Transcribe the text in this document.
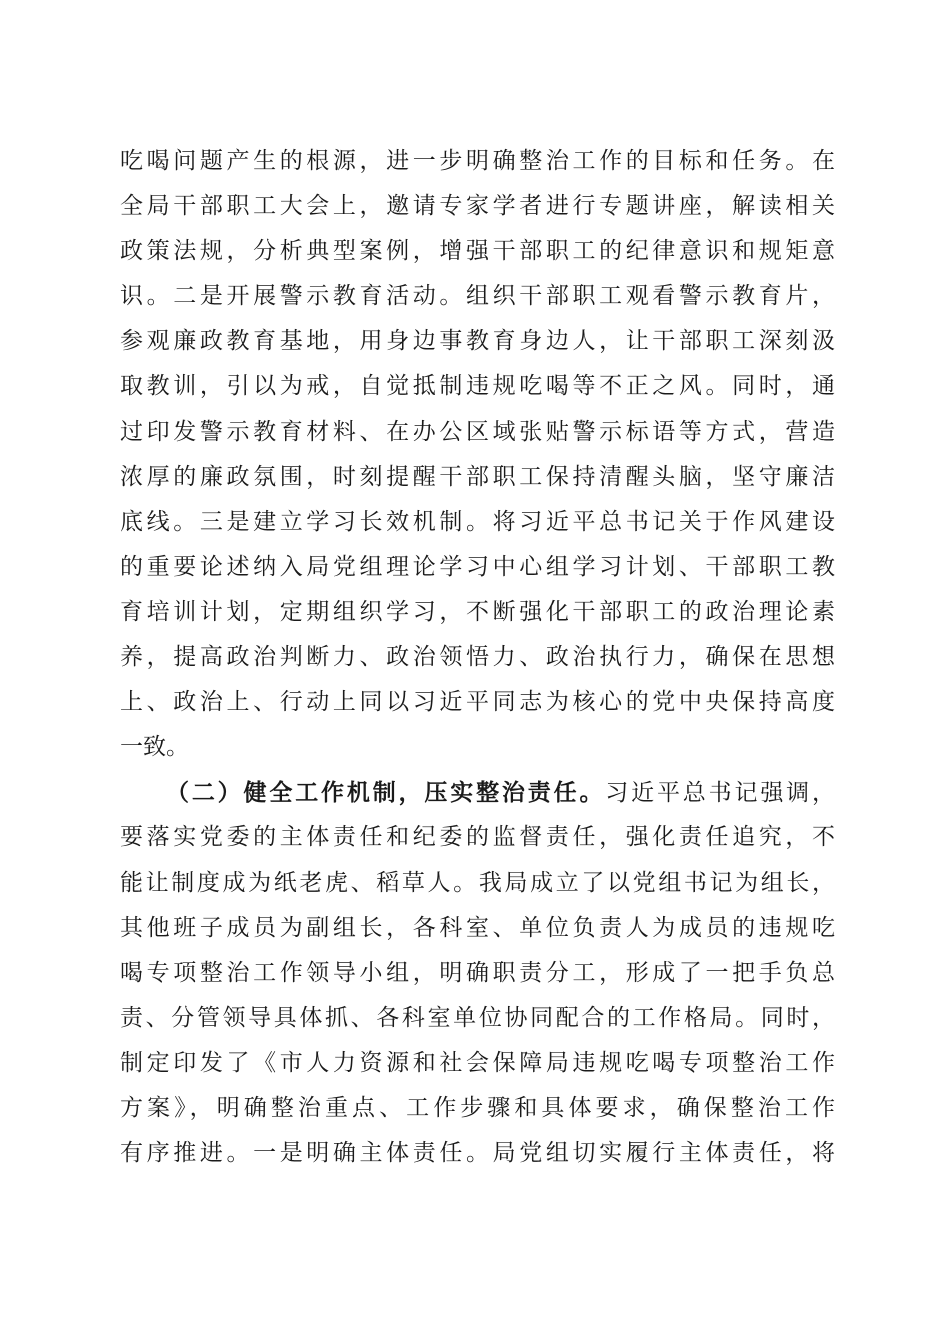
吃喝问题产生的根源，进一步明确整治工作的目标和任务。在
全局干部职工大会上，邀请专家学者进行专题讲座，解读相关
政策法规，分析典型案例，增强干部职工的纪律意识和规矩意
识。二是开展警示教育活动。组织干部职工观看警示教育片，
参观廉政教育基地，用身边事教育身边人，让干部职工深刻汲
取教训，引以为戒，自觉抵制违规吃喝等不正之风。同时，通
过印发警示教育材料、在办公区域张贴警示标语等方式，营造
浓厚的廉政氛围，时刻提醒干部职工保持清醒头脑，坚守廉洁
底线。三是建立学习长效机制。将习近平总书记关于作风建设
的重要论述纳入局党组理论学习中心组学习计划、干部职工教
育培训计划，定期组织学习，不断强化干部职工的政治理论素
养，提高政治判断力、政治领悟力、政治执行力，确保在思想
上、政治上、行动上同以习近平同志为核心的党中央保持高度
一致。
（二）健全工作机制，压实整治责任。习近平总书记强调，
要落实党委的主体责任和纪委的监督责任，强化责任追究，不
能让制度成为纸老虎、稻草人。我局成立了以党组书记为组长，
其他班子成员为副组长，各科室、单位负责人为成员的违规吃
喝专项整治工作领导小组，明确职责分工，形成了一把手负总
责、分管领导具体抓、各科室单位协同配合的工作格局。同时，
制定印发了《市人力资源和社会保障局违规吃喝专项整治工作
方案》，明确整治重点、工作步骤和具体要求，确保整治工作
有序推进。一是明确主体责任。局党组切实履行主体责任，将
